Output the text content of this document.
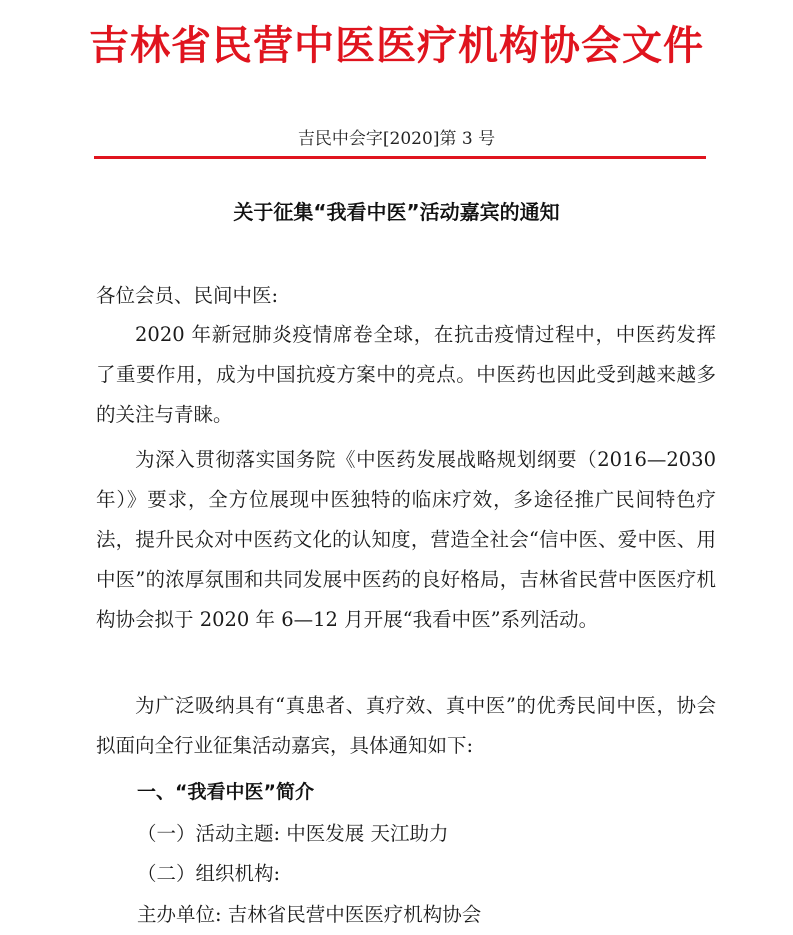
吉林省民营中医医疗机构协会文件
吉民中会字[2020]第 3 号
关于征集“我看中医”活动嘉宾的通知
各位会员、民间中医:

2020 年新冠肺炎疫情席卷全球，在抗击疫情过程中，中医药发挥了重要作用，成为中国抗疫方案中的亮点。中医药也因此受到越来越多的关注与青睐。

为深入贯彻落实国务院《中医药发展战略规划纲要（2016—2030 年）》要求，全方位展现中医独特的临床疗效，多途径推广民间特色疗法，提升民众对中医药文化的认知度，营造全社会“信中医、爱中医、用中医”的浓厚氛围和共同发展中医药的良好格局，吉林省民营中医医疗机构协会拟于 2020 年 6—12 月开展“我看中医”系列活动。

为广泛吸纳具有“真患者、真疗效、真中医”的优秀民间中医，协会拟面向全行业征集活动嘉宾，具体通知如下:

一、“我看中医”简介
（一）活动主题: 中医发展 天江助力
（二）组织机构:
主办单位: 吉林省民营中医医疗机构协会
